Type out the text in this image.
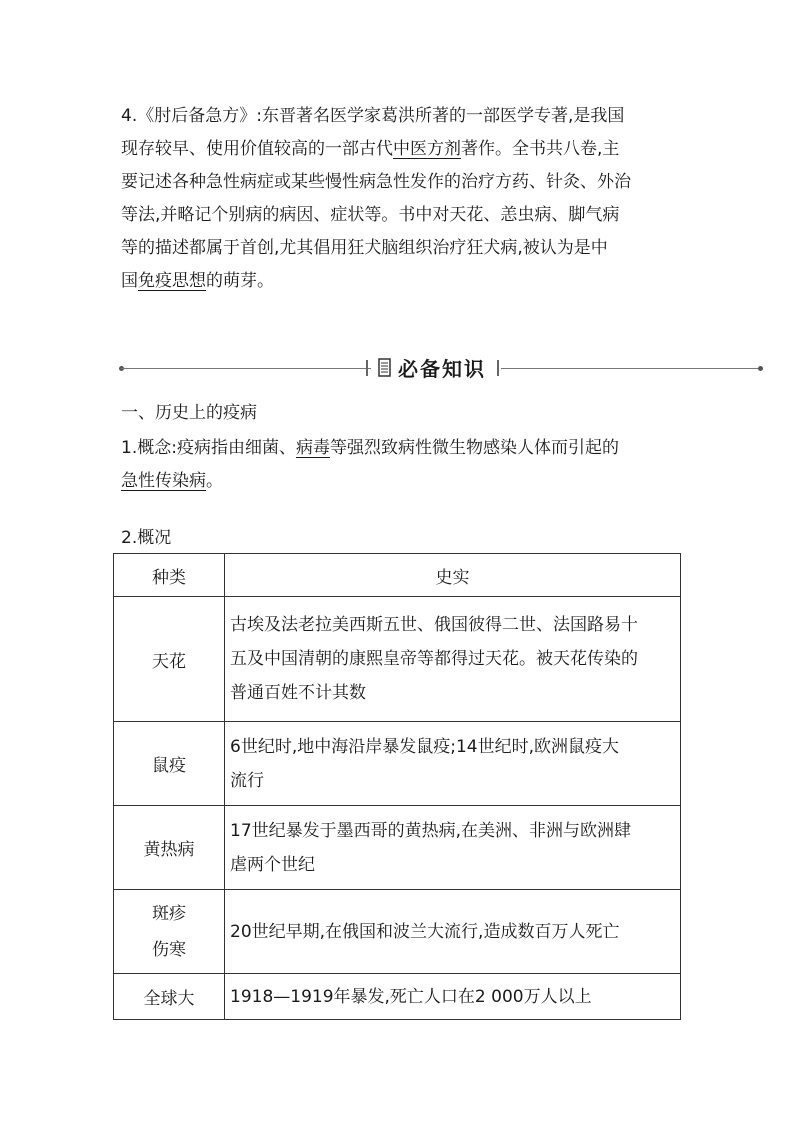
4.《肘后备急方》:东晋著名医学家葛洪所著的一部医学专著,是我国
现存较早、使用价值较高的一部古代中医方剂著作。全书共八卷,主
要记述各种急性病症或某些慢性病急性发作的治疗方药、针灸、外治
等法,并略记个别病的病因、症状等。书中对天花、恙虫病、脚气病
等的描述都属于首创,尤其倡用狂犬脑组织治疗狂犬病,被认为是中
国免疫思想的萌芽。
必备知识
一、历史上的疫病
1.概念:疫病指由细菌、病毒等强烈致病性微生物感染人体而引起的
急性传染病。
2.概况
种类	史实
天花	古埃及法老拉美西斯五世、俄国彼得二世、法国路易十
五及中国清朝的康熙皇帝等都得过天花。被天花传染的
普通百姓不计其数

鼠疫	6世纪时,地中海沿岸暴发鼠疫;14世纪时,欧洲鼠疫大
流行

黄热病	17世纪暴发于墨西哥的黄热病,在美洲、非洲与欧洲肆
虐两个世纪

斑疹
伤寒	20世纪早期,在俄国和波兰大流行,造成数百万人死亡

全球大	1918—1919年暴发,死亡人口在2 000万人以上
